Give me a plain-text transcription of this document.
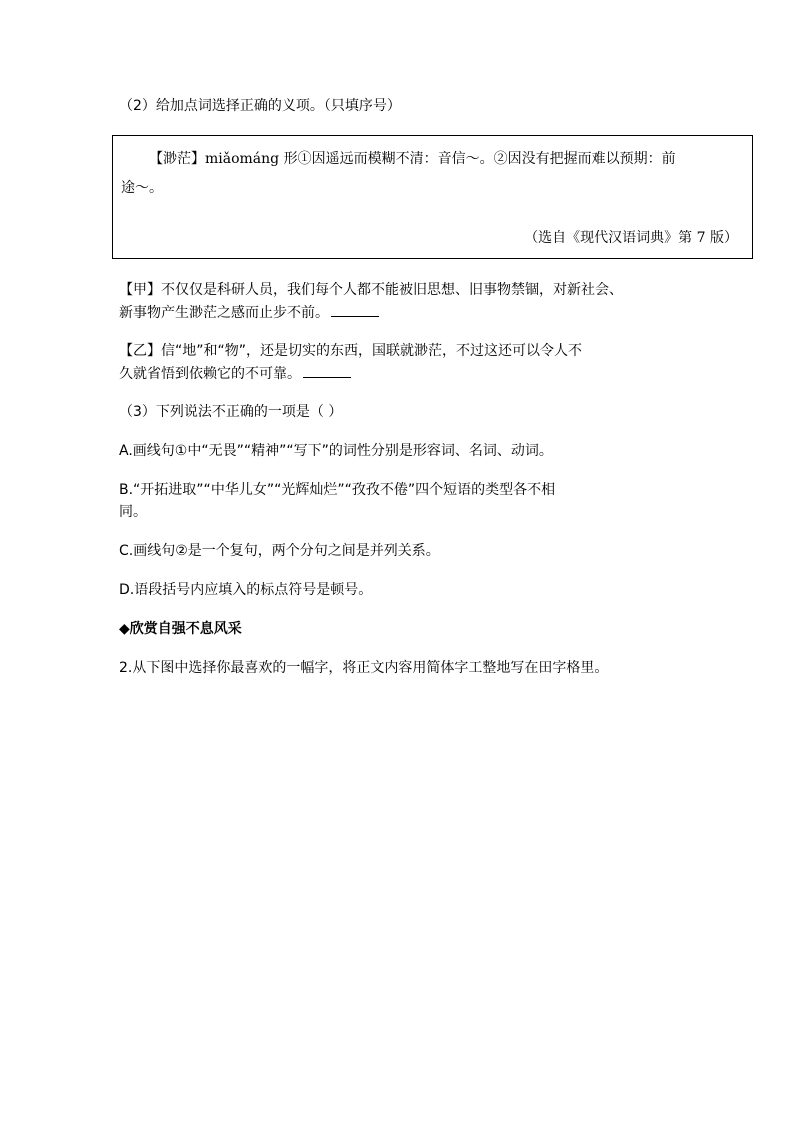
（2）给加点词选择正确的义项。（只填序号）
【渺茫】miǎománg 形①因遥远而模糊不清：音信～。②因没有把握而难以预期：前
途～。
（选自《现代汉语词典》第 7 版）
【甲】不仅仅是科研人员，我们每个人都不能被旧思想、旧事物禁锢，对新社会、
新事物产生渺茫之感而止步不前。
【乙】信“地”和“物”，还是切实的东西，国联就渺茫，不过这还可以令人不
久就省悟到依赖它的不可靠。
（3）下列说法不正确的一项是（ ）
A.画线句①中“无畏”“精神”“写下”的词性分别是形容词、名词、动词。
B.“开拓进取”“中华儿女”“光辉灿烂”“孜孜不倦”四个短语的类型各不相
同。
C.画线句②是一个复句，两个分句之间是并列关系。
D.语段括号内应填入的标点符号是顿号。
◆欣赏自强不息风采
2.从下图中选择你最喜欢的一幅字，将正文内容用简体字工整地写在田字格里。
